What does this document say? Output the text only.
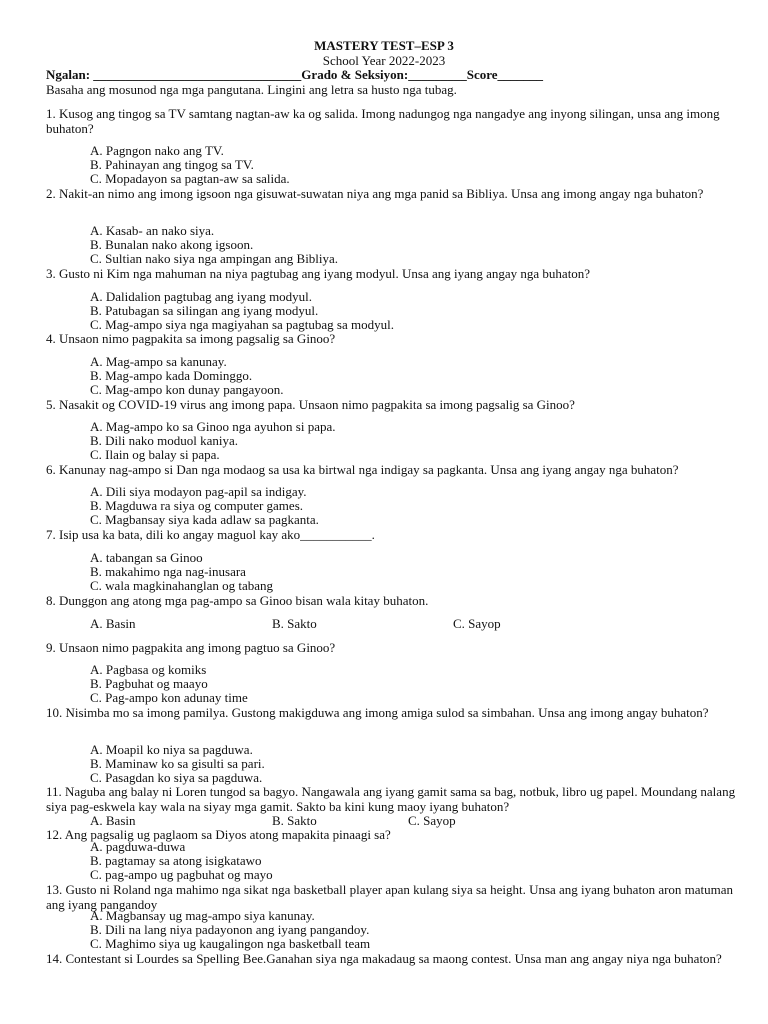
MASTERY TEST–ESP 3
School Year 2022-2023
Ngalan: ________________________________Grado & Seksiyon:_________Score_______
Basaha ang mosunod nga mga pangutana. Lingini ang letra sa husto nga tubag.
1. Kusog ang tingog sa TV samtang nagtan-aw ka og salida. Imong nadungog nga nangadye ang inyong silingan, unsa ang imong buhaton?
A. Pagngon nako ang TV.
B. Pahinayan ang tingog sa TV.
C. Mopadayon sa pagtan-aw sa salida.
2. Nakit-an nimo ang imong igsoon nga gisuwat-suwatan niya ang mga panid sa Bibliya. Unsa ang imong angay nga buhaton?
A. Kasab- an nako siya.
B. Bunalan nako akong igsoon.
C. Sultian nako siya nga ampingan ang Bibliya.
3. Gusto ni Kim nga mahuman na niya pagtubag ang iyang modyul. Unsa ang iyang angay nga buhaton?
A. Dalidalion pagtubag ang iyang modyul.
B. Patubagan sa silingan ang iyang modyul.
C. Mag-ampo siya nga magiyahan sa pagtubag sa modyul.
4. Unsaon nimo pagpakita sa imong pagsalig sa Ginoo?
A. Mag-ampo sa kanunay.
B. Mag-ampo kada Dominggo.
C. Mag-ampo kon dunay pangayoon.
5. Nasakit og COVID-19 virus ang imong papa. Unsaon nimo pagpakita sa imong pagsalig sa Ginoo?
A. Mag-ampo ko sa Ginoo nga ayuhon si papa.
B. Dili nako moduol kaniya.
C. Ilain og balay si papa.
6. Kanunay nag-ampo si Dan nga modaog sa usa ka birtwal nga indigay sa pagkanta. Unsa ang iyang angay nga buhaton?
A. Dili siya modayon pag-apil sa indigay.
B. Magduwa ra siya og computer games.
C. Magbansay siya kada adlaw sa pagkanta.
7. Isip usa ka bata, dili ko angay maguol kay ako___________.
A. tabangan sa Ginoo
B. makahimo nga nag-inusara
C. wala magkinahanglan og tabang
8. Dunggon ang atong mga pag-ampo sa Ginoo bisan wala kitay buhaton.
A. Basin	B. Sakto	C. Sayop
9. Unsaon nimo pagpakita ang imong pagtuo sa Ginoo?
A. Pagbasa og komiks
B. Pagbuhat og maayo
C. Pag-ampo kon adunay time
10. Nisimba mo sa imong pamilya. Gustong makigduwa ang imong amiga sulod sa simbahan. Unsa ang imong angay buhaton?
A. Moapil ko niya sa pagduwa.
B. Maminaw ko sa gisulti sa pari.
C. Pasagdan ko siya sa pagduwa.
11. Naguba ang balay ni Loren tungod sa bagyo. Nangawala ang iyang gamit sama sa bag, notbuk, libro ug papel. Moundang nalang siya pag-eskwela kay wala na siyay mga gamit. Sakto ba kini kung maoy iyang buhaton?
A. Basin	B. Sakto	C. Sayop
12. Ang pagsalig ug paglaom sa Diyos atong mapakita pinaagi sa?
A. pagduwa-duwa
B. pagtamay sa atong isigkatawo
C. pag-ampo ug pagbuhat og mayo
13. Gusto ni Roland nga mahimo nga sikat nga basketball player apan kulang siya sa height. Unsa ang iyang buhaton aron matuman ang iyang pangandoy
A. Magbansay ug mag-ampo siya kanunay.
B. Dili na lang niya padayonon ang iyang pangandoy.
C. Maghimo siya ug kaugalingon nga basketball team
14. Contestant si Lourdes sa Spelling Bee.Ganahan siya nga makadaug sa maong contest. Unsa man ang angay niya nga buhaton?
